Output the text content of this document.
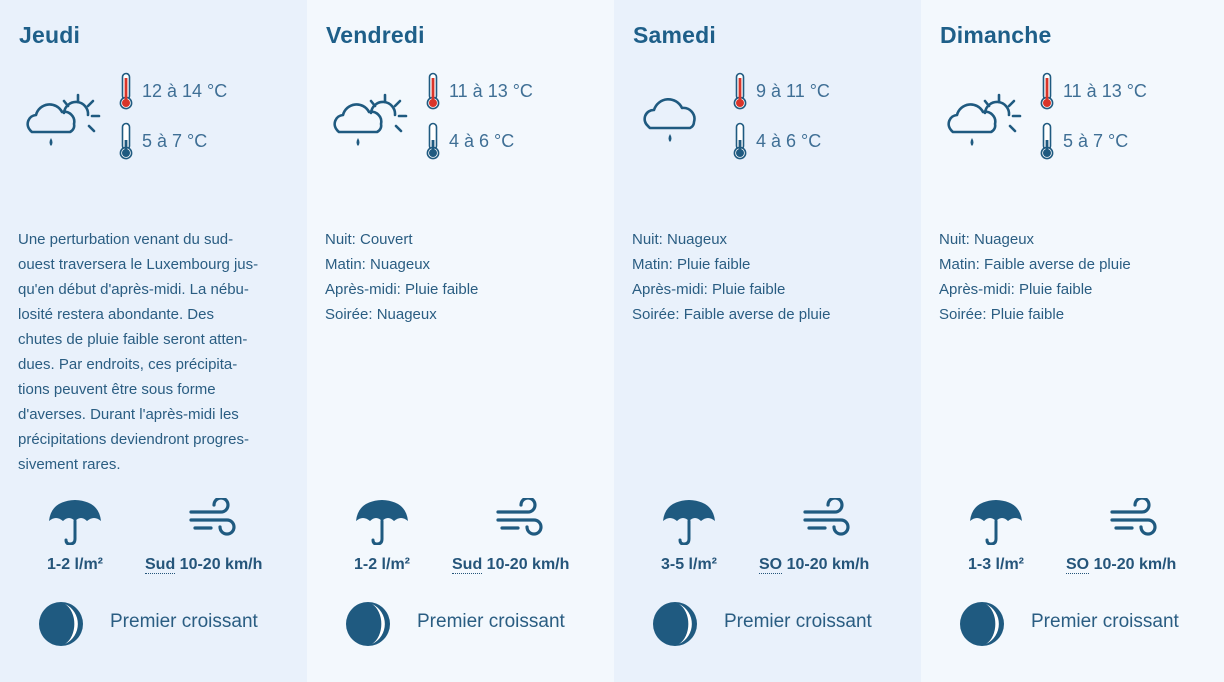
Jeudi
12 à 14 °C
5 à 7 °C
Une perturbation venant du sud-
ouest traversera le Luxembourg jus-
qu'en début d'après-midi. La nébu-
losité restera abondante. Des
chutes de pluie faible seront atten-
dues. Par endroits, ces précipita-
tions peuvent être sous forme
d'averses. Durant l'après-midi les
précipitations deviendront progres-
sivement rares.
1-2 l/m²	Sud 10-20 km/h
Premier croissant
Vendredi
11 à 13 °C
4 à 6 °C
Nuit: Couvert
Matin: Nuageux
Après-midi: Pluie faible
Soirée: Nuageux
1-2 l/m²	Sud 10-20 km/h
Premier croissant
Samedi
9 à 11 °C
4 à 6 °C
Nuit: Nuageux
Matin: Pluie faible
Après-midi: Pluie faible
Soirée: Faible averse de pluie
3-5 l/m²	SO 10-20 km/h
Premier croissant
Dimanche
11 à 13 °C
5 à 7 °C
Nuit: Nuageux
Matin: Faible averse de pluie
Après-midi: Pluie faible
Soirée: Pluie faible
1-3 l/m²	SO 10-20 km/h
Premier croissant
